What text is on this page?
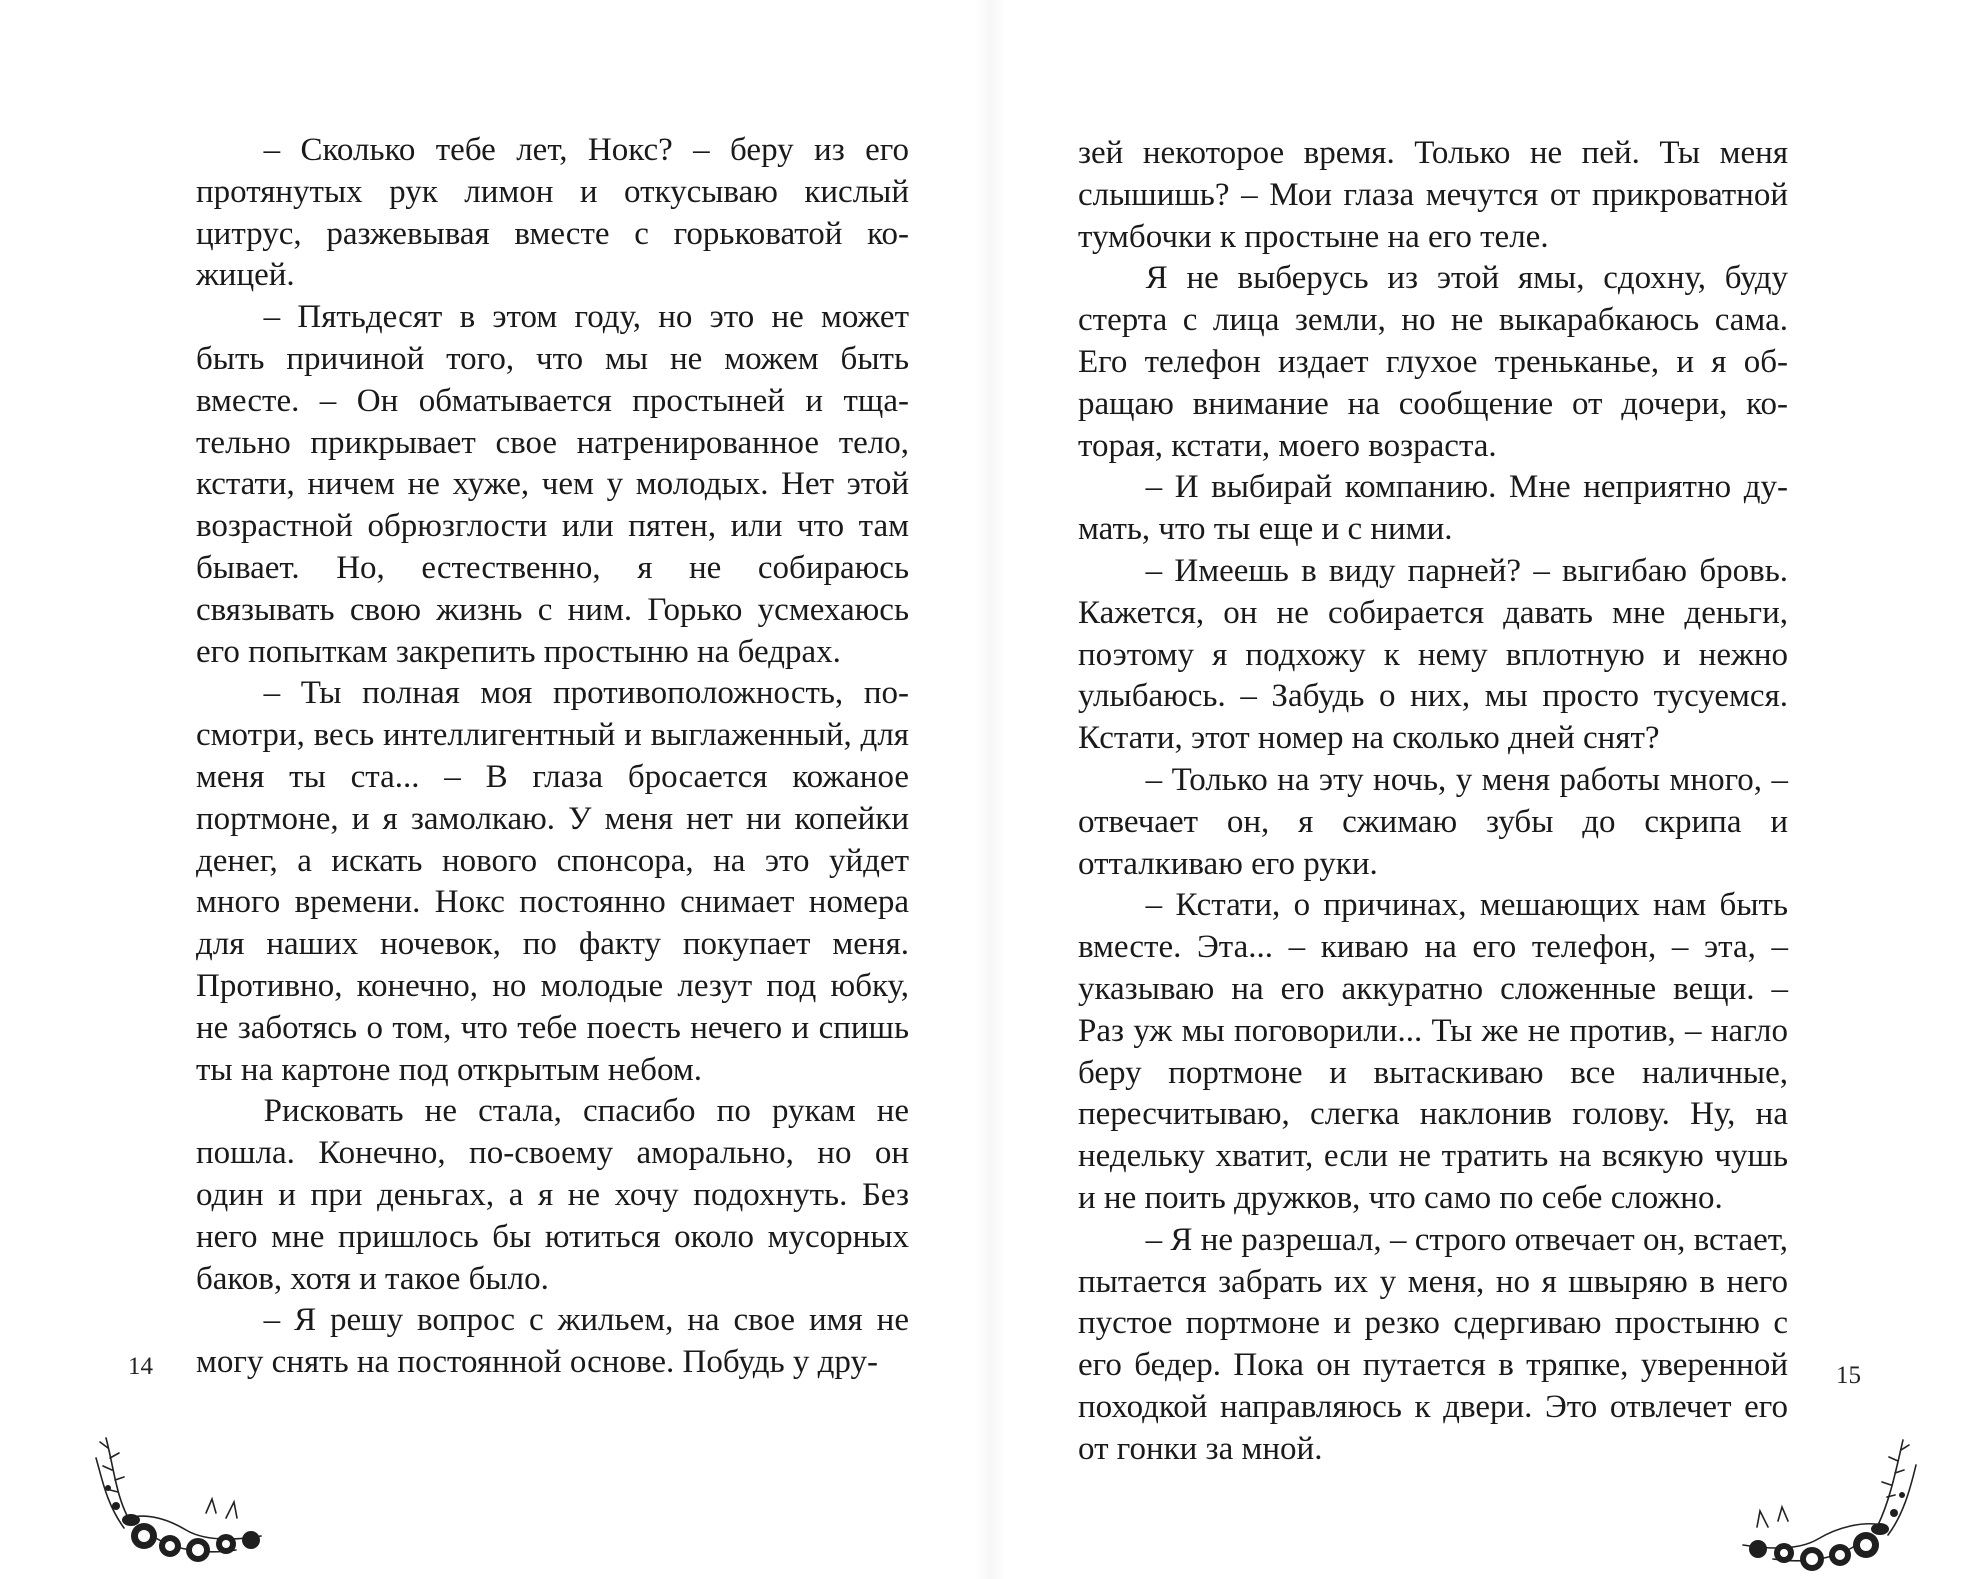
– Сколько тебе лет, Нокс? – беру из его протянутых рук лимон и откусываю кислый цитрус, разжевывая вместе с горьковатой кожицей.

– Пятьдесят в этом году, но это не может быть причиной того, что мы не можем быть вместе. – Он обматывается простыней и тщательно прикрывает свое натренированное тело, кстати, ничем не хуже, чем у молодых. Нет этой возрастной обрюзглости или пятен, или что там бывает. Но, естественно, я не собираюсь связывать свою жизнь с ним. Горько усмехаюсь его попыткам закрепить простыню на бедрах.

– Ты полная моя противоположность, посмотри, весь интеллигентный и выглаженный, для меня ты ста... – В глаза бросается кожаное портмоне, и я замолкаю. У меня нет ни копейки денег, а искать нового спонсора, на это уйдет много времени. Нокс постоянно снимает номера для наших ночевок, по факту покупает меня. Противно, конечно, но молодые лезут под юбку, не заботясь о том, что тебе поесть нечего и спишь ты на картоне под открытым небом.

Рисковать не стала, спасибо по рукам не пошла. Конечно, по-своему аморально, но он один и при деньгах, а я не хочу подохнуть. Без него мне пришлось бы ютиться около мусорных баков, хотя и такое было.

– Я решу вопрос с жильем, на свое имя не могу снять на постоянной основе. Побудь у дру-

14

зей некоторое время. Только не пей. Ты меня слышишь? – Мои глаза мечутся от прикроватной тумбочки к простыне на его теле.

Я не выберусь из этой ямы, сдохну, буду стерта с лица земли, но не выкарабкаюсь сама. Его телефон издает глухое треньканье, и я обращаю внимание на сообщение от дочери, которая, кстати, моего возраста.

– И выбирай компанию. Мне неприятно думать, что ты еще и с ними.

– Имеешь в виду парней? – выгибаю бровь. Кажется, он не собирается давать мне деньги, поэтому я подхожу к нему вплотную и нежно улыбаюсь. – Забудь о них, мы просто тусуемся. Кстати, этот номер на сколько дней снят?

– Только на эту ночь, у меня работы много, – отвечает он, я сжимаю зубы до скрипа и отталкиваю его руки.

– Кстати, о причинах, мешающих нам быть вместе. Эта... – киваю на его телефон, – эта, – указываю на его аккуратно сложенные вещи. – Раз уж мы поговорили... Ты же не против, – нагло беру портмоне и вытаскиваю все наличные, пересчитываю, слегка наклонив голову. Ну, на недельку хватит, если не тратить на всякую чушь и не поить дружков, что само по себе сложно.

– Я не разрешал, – строго отвечает он, встает, пытается забрать их у меня, но я швыряю в него пустое портмоне и резко сдергиваю простыню с его бедер. Пока он путается в тряпке, уверенной походкой направляюсь к двери. Это отвлечет его от гонки за мной.

15
